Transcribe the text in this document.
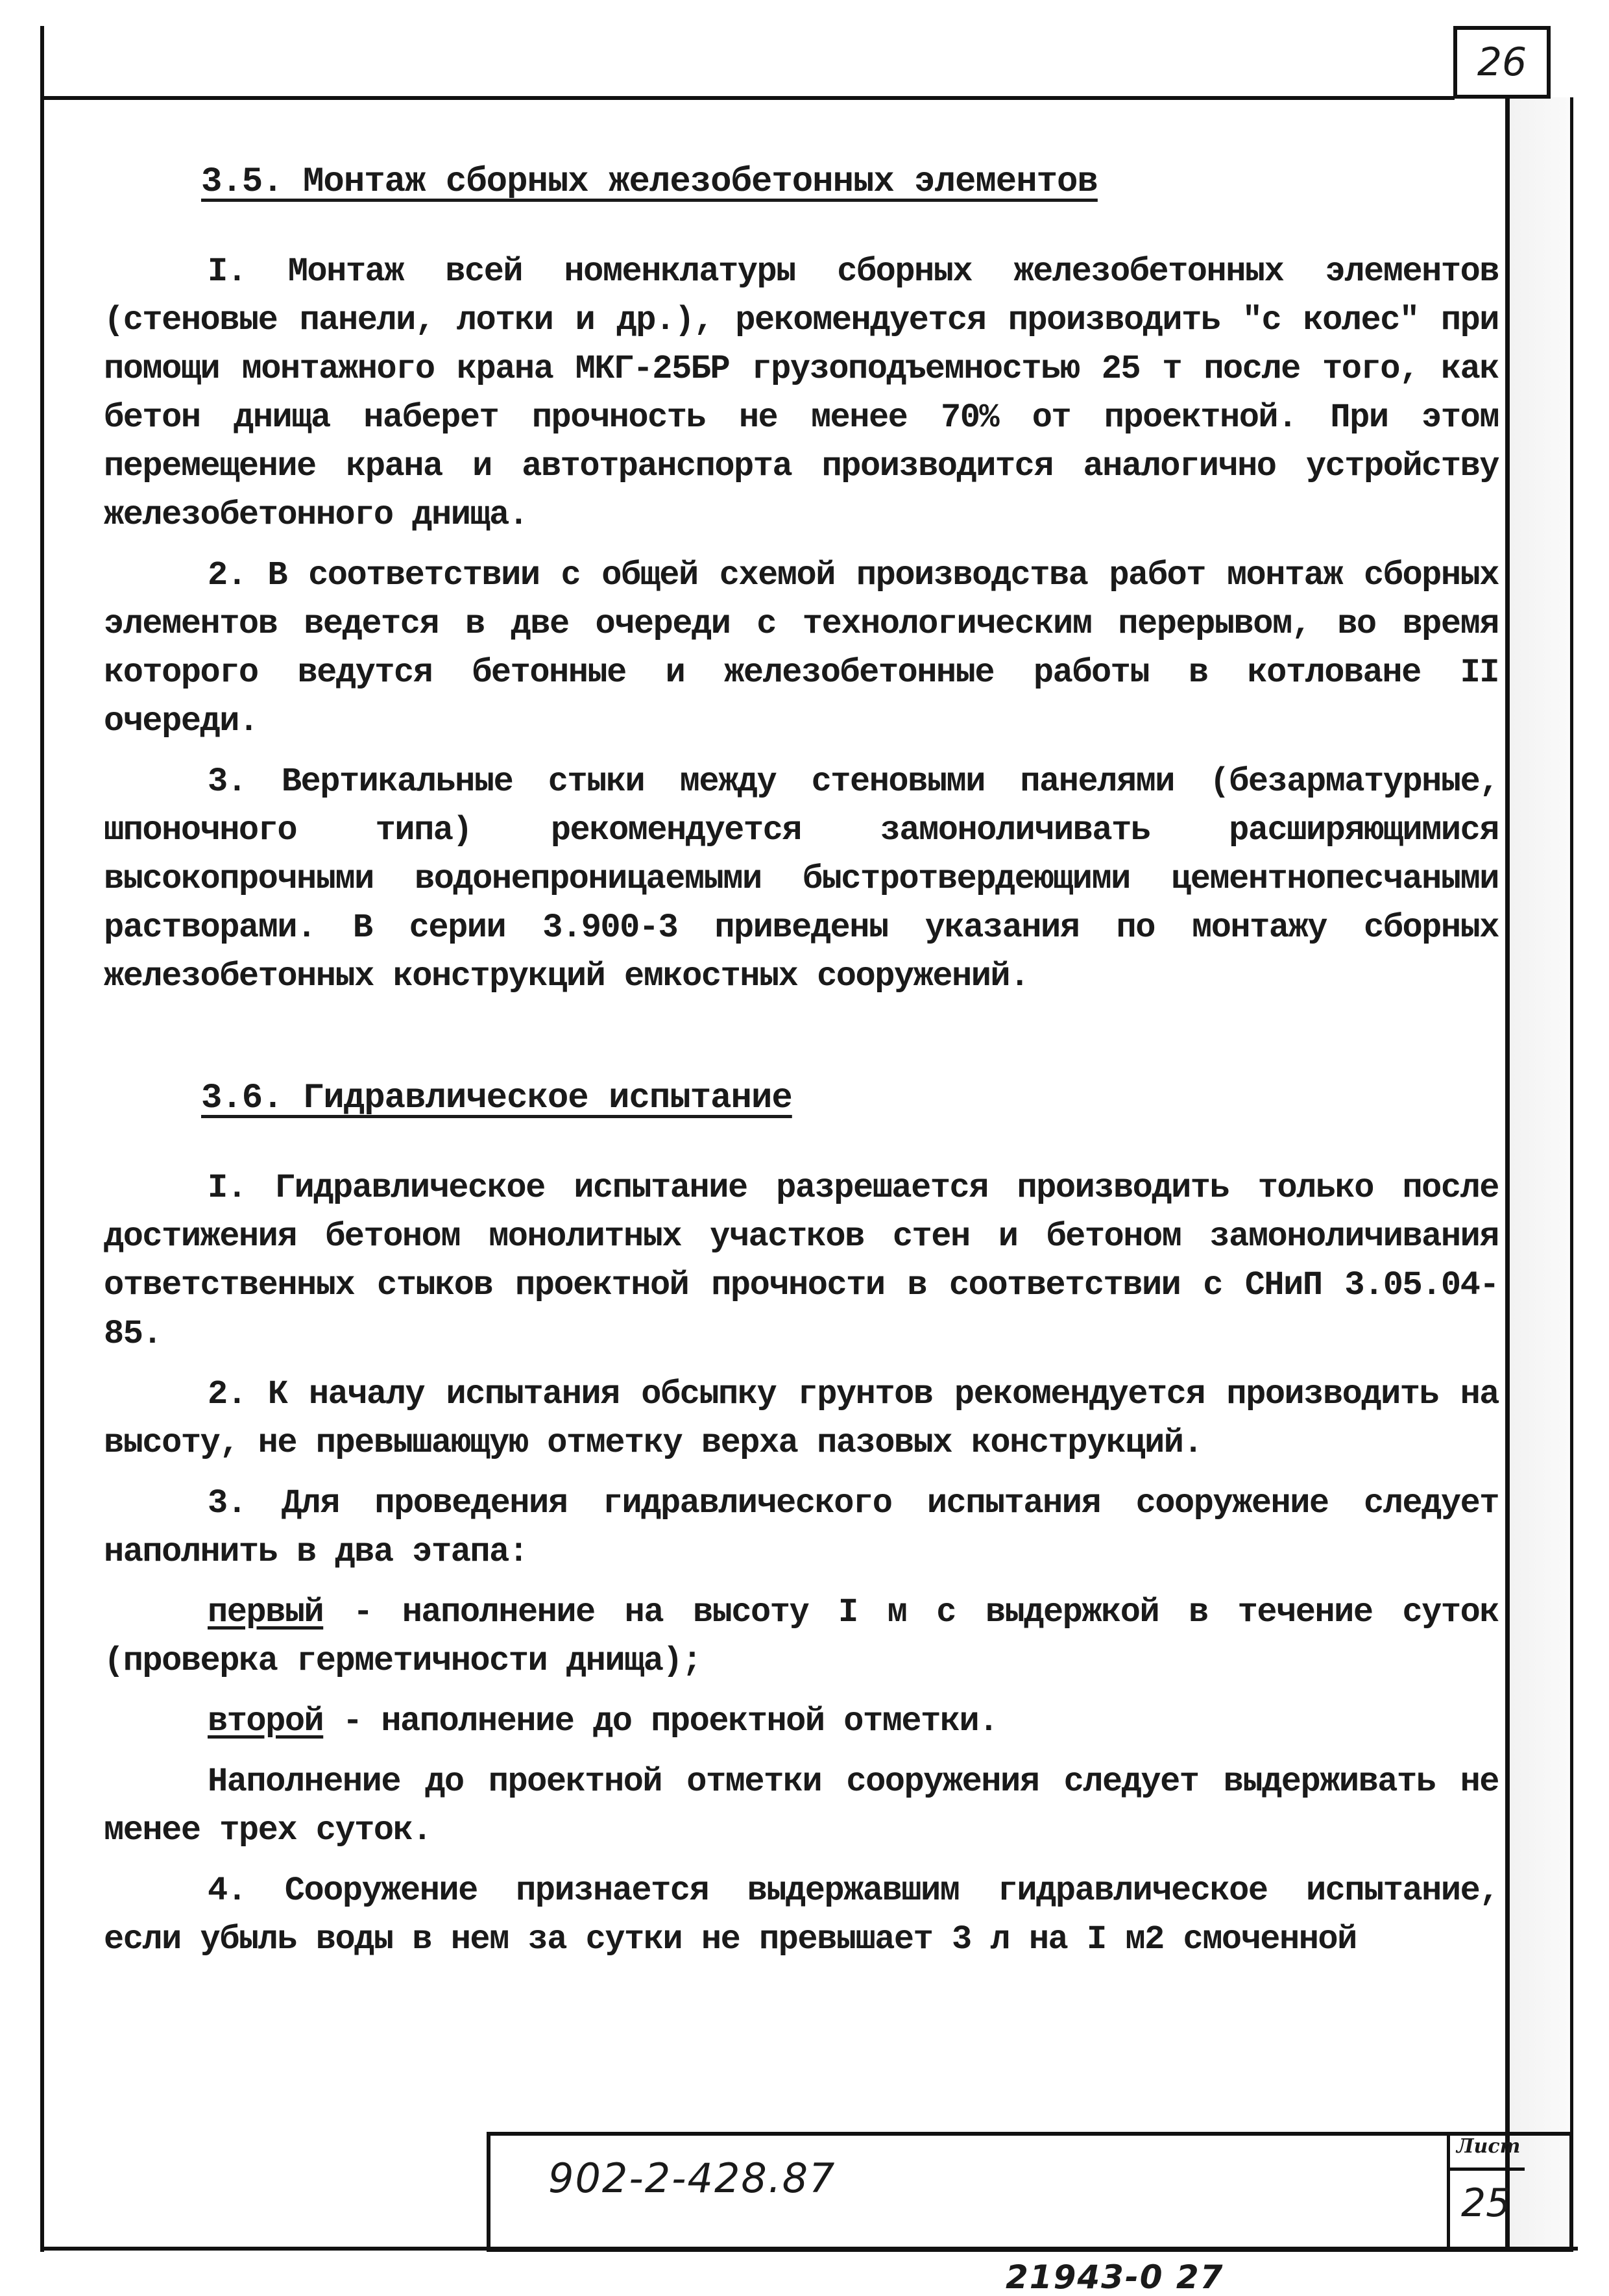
26
3.5. Монтаж сборных железобетонных элементов

I. Монтаж всей номенклатуры сборных железобетонных элементов (стеновые панели, лотки и др.), рекомендуется производить "с колес" при помощи монтажного крана МКГ-25БР грузоподъемностью 25 т после того, как бетон днища наберет прочность не менее 70% от проектной. При этом перемещение крана и автотранспорта производится аналогично устройству железобетонного днища.

2. В соответствии с общей схемой производства работ монтаж сборных элементов ведется в две очереди с технологическим перерывом, во время которого ведутся бетонные и железобетонные работы в котловане II очереди.

3. Вертикальные стыки между стеновыми панелями (безарматурные, шпоночного типа) рекомендуется замоноличивать расширяющимися высокопрочными водонепроницаемыми быстротвердеющими цементнопесчаными растворами. В серии 3.900-3 приведены указания по монтажу сборных железобетонных конструкций емкостных сооружений.

3.6. Гидравлическое испытание

I. Гидравлическое испытание разрешается производить только после достижения бетоном монолитных участков стен и бетоном замоноличивания ответственных стыков проектной прочности в соответствии с СНиП 3.05.04-85.

2. К началу испытания обсыпку грунтов рекомендуется производить на высоту, не превышающую отметку верха пазовых конструкций.

3. Для проведения гидравлического испытания сооружение следует наполнить в два этапа:

первый - наполнение на высоту I м с выдержкой в течение суток (проверка герметичности днища);

второй - наполнение до проектной отметки.

Наполнение до проектной отметки сооружения следует выдерживать не менее трех суток.

4. Сооружение признается выдержавшим гидравлическое испытание, если убыль воды в нем за сутки не превышает 3 л на I м2 смоченной

902-2-428.87
Лист
25
21943-0 27
